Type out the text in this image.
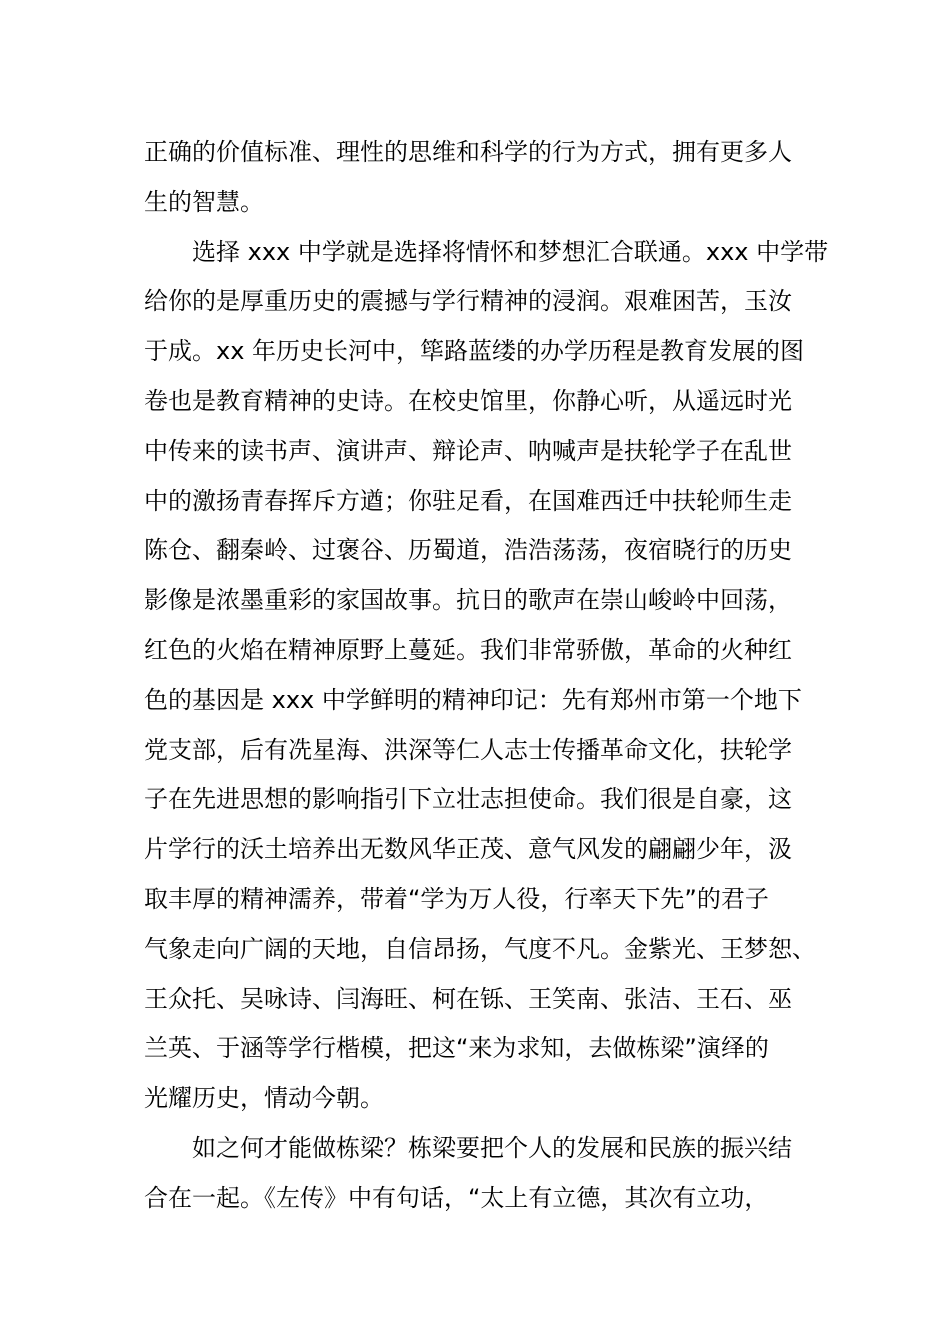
正确的价值标准、理性的思维和科学的行为方式，拥有更多人
生的智慧。
选择 xxx 中学就是选择将情怀和梦想汇合联通。xxx 中学带
给你的是厚重历史的震撼与学行精神的浸润。艰难困苦，玉汝
于成。xx 年历史长河中，筚路蓝缕的办学历程是教育发展的图
卷也是教育精神的史诗。在校史馆里，你静心听，从遥远时光
中传来的读书声、演讲声、辩论声、呐喊声是扶轮学子在乱世
中的激扬青春挥斥方遒；你驻足看，在国难西迁中扶轮师生走
陈仓、翻秦岭、过褒谷、历蜀道，浩浩荡荡，夜宿晓行的历史
影像是浓墨重彩的家国故事。抗日的歌声在崇山峻岭中回荡，
红色的火焰在精神原野上蔓延。我们非常骄傲，革命的火种红
色的基因是 xxx 中学鲜明的精神印记：先有郑州市第一个地下
党支部，后有冼星海、洪深等仁人志士传播革命文化，扶轮学
子在先进思想的影响指引下立壮志担使命。我们很是自豪，这
片学行的沃土培养出无数风华正茂、意气风发的翩翩少年，汲
取丰厚的精神濡养，带着“学为万人役，行率天下先”的君子
气象走向广阔的天地，自信昂扬，气度不凡。金紫光、王梦恕、
王众托、吴咏诗、闫海旺、柯在铄、王笑南、张洁、王石、巫
兰英、于涵等学行楷模，把这“来为求知，去做栋梁”演绎的
光耀历史，情动今朝。
如之何才能做栋梁？栋梁要把个人的发展和民族的振兴结
合在一起。《左传》中有句话，“太上有立德，其次有立功，
